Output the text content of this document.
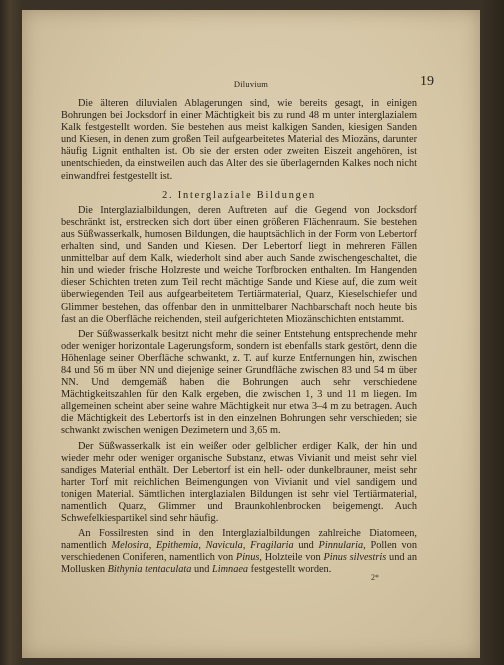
Diluvium	19

Die älteren diluvialen Ablagerungen sind, wie bereits gesagt, in einigen Bohrungen bei Jocksdorf in einer Mächtigkeit bis zu rund 48 m unter interglazialem Kalk festgestellt worden. Sie bestehen aus meist kalkigen Sanden, kiesigen Sanden und Kiesen, in denen zum großen Teil aufgearbeitetes Material des Miozäns, darunter häufig Lignit enthalten ist. Ob sie der ersten oder zweiten Eiszeit angehören, ist unentschieden, da einstweilen auch das Alter des sie überlagernden Kalkes noch nicht einwandfrei festgestellt ist.

2. Interglaziale Bildungen

Die Interglazialbildungen, deren Auftreten auf die Gegend von Jocksdorf beschränkt ist, erstrecken sich dort über einen größeren Flächenraum. Sie bestehen aus Süßwasserkalk, humosen Bildungen, die hauptsächlich in der Form von Lebertorf erhalten sind, und Sanden und Kiesen. Der Lebertorf liegt in mehreren Fällen unmittelbar auf dem Kalk, wiederholt sind aber auch Sande zwischengeschaltet, die hin und wieder frische Holzreste und weiche Torfbrocken enthalten. Im Hangenden dieser Schichten treten zum Teil recht mächtige Sande und Kiese auf, die zum weit überwiegenden Teil aus aufgearbeitetem Tertiärmaterial, Quarz, Kieselschiefer und Glimmer bestehen, das offenbar den in unmittelbarer Nachbarschaft noch heute bis fast an die Oberfläche reichenden, steil aufgerichteten Miozänschichten entstammt.

Der Süßwasserkalk besitzt nicht mehr die seiner Entstehung entsprechende mehr oder weniger horizontale Lagerungsform, sondern ist ebenfalls stark gestört, denn die Höhenlage seiner Oberfläche schwankt, z. T. auf kurze Entfernungen hin, zwischen 84 und 56 m über NN und diejenige seiner Grundfläche zwischen 83 und 54 m über NN. Und demgemäß haben die Bohrungen auch sehr verschiedene Mächtigkeitszahlen für den Kalk ergeben, die zwischen 1, 3 und 11 m liegen. Im allgemeinen scheint aber seine wahre Mächtigkeit nur etwa 3–4 m zu betragen. Auch die Mächtigkeit des Lebertorfs ist in den einzelnen Bohrungen sehr verschieden; sie schwankt zwischen wenigen Dezimetern und 3,65 m.

Der Süßwasserkalk ist ein weißer oder gelblicher erdiger Kalk, der hin und wieder mehr oder weniger organische Substanz, etwas Vivianit und meist sehr viel sandiges Material enthält. Der Lebertorf ist ein hell- oder dunkelbrauner, meist sehr harter Torf mit reichlichen Beimengungen von Vivianit und viel sandigem und tonigen Material. Sämtlichen interglazialen Bildungen ist sehr viel Tertiärmaterial, namentlich Quarz, Glimmer und Braunkohlenbrocken beigemengt. Auch Schwefelkiespartikel sind sehr häufig.

An Fossilresten sind in den Interglazialbildungen zahlreiche Diatomeen, namentlich Melosira, Epithemia, Navicula, Fragilaria und Pinnularia, Pollen von verschiedenen Coniferen, namentlich von Pinus, Holzteile von Pinus silvestris und an Mollusken Bithynia tentaculata und Limnaea festgestellt worden.

2*
